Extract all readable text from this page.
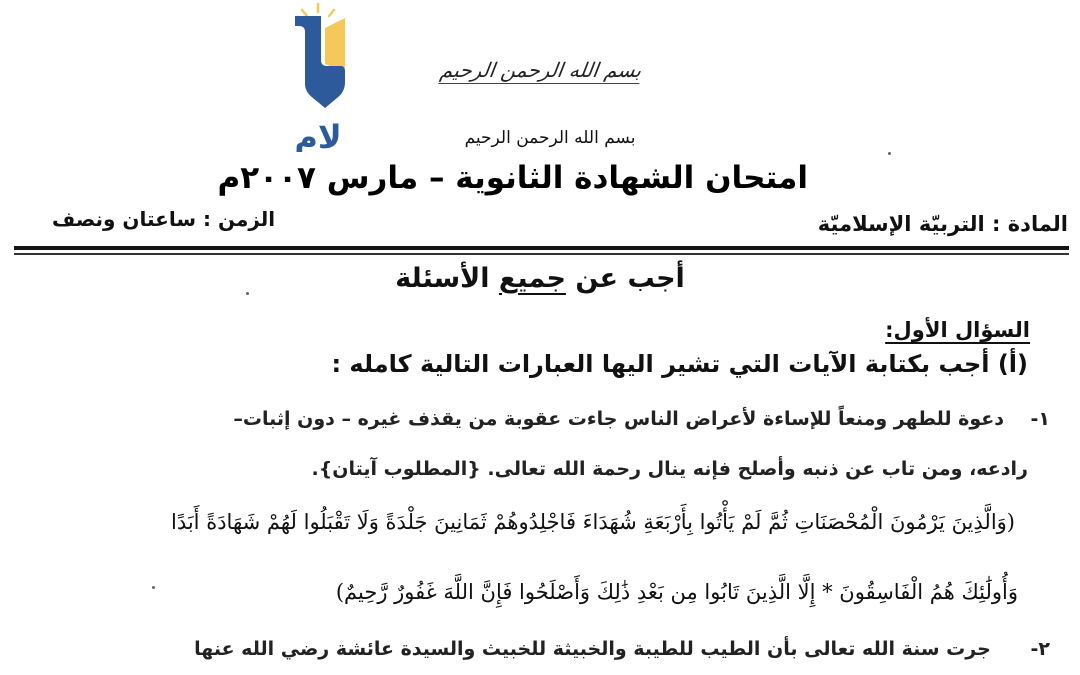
لام
بسم الله الرحمن الرحيم
بسم الله الرحمن الرحيم
امتحان الشهادة الثانوية – مارس ٢٠٠٧م
المادة : التربيّة الإسلاميّة
الزمن : ساعتان ونصف
أجب عن جميع الأسئلة
السؤال الأول:
(أ) أجب بكتابة الآيات التي تشير اليها العبارات التالية كامله :
١-    دعوة للطهر ومنعاً للإساءة لأعراض الناس جاءت عقوبة من يقذف غيره – دون إثبات–
رادعه، ومن تاب عن ذنبه وأصلح فإنه ينال رحمة الله تعالى. {المطلوب آيتان}.
(وَالَّذِينَ يَرْمُونَ الْمُحْصَنَاتِ ثُمَّ لَمْ يَأْتُوا بِأَرْبَعَةِ شُهَدَاءَ فَاجْلِدُوهُمْ ثَمَانِينَ جَلْدَةً وَلَا تَقْبَلُوا لَهُمْ شَهَادَةً أَبَدًا
وَأُولَٰئِكَ هُمُ الْفَاسِقُونَ * إِلَّا الَّذِينَ تَابُوا مِن بَعْدِ ذَٰلِكَ وَأَصْلَحُوا فَإِنَّ اللَّهَ غَفُورٌ رَّحِيمٌ)
٢-      جرت سنة الله تعالى بأن الطيب للطيبة والخبيثة للخبيث والسيدة عائشة رضي الله عنها
